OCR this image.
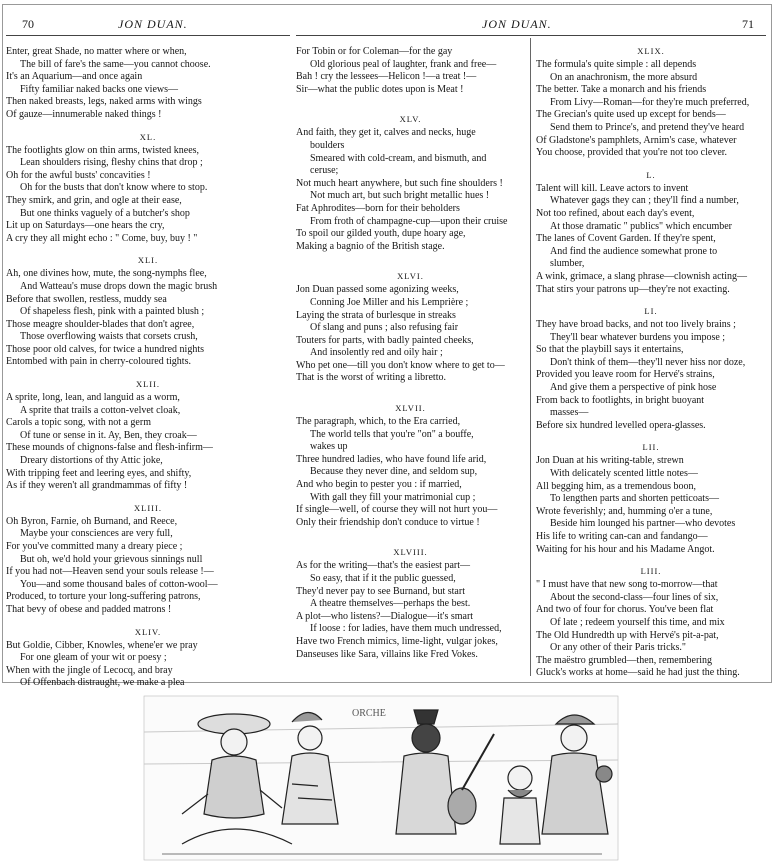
70	JON DUAN.
Enter, great Shade, no matter where or when,
The bill of fare's the same—you cannot choose.
It's an Aquarium—and once again
Fifty familiar naked backs one views—
Then naked breasts, legs, naked arms with wings
Of gauze—innumerable naked things !
XL.
The footlights glow on thin arms, twisted knees,
Lean shoulders rising, fleshy chins that drop ;
Oh for the awful busts' concavities !
Oh for the busts that don't know where to stop.
They smirk, and grin, and ogle at their ease,
But one thinks vaguely of a butcher's shop
Lit up on Saturdays—one hears the cry,
A cry they all might echo : " Come, buy, buy ! "
XLI.
Ah, one divines how, mute, the song-nymphs flee,
And Watteau's muse drops down the magic brush
Before that swollen, restless, muddy sea
Of shapeless flesh, pink with a painted blush ;
Those meagre shoulder-blades that don't agree,
Those overflowing waists that corsets crush,
Those poor old calves, for twice a hundred nights
Entombed with pain in cherry-coloured tights.
XLII.
A sprite, long, lean, and languid as a worm,
A sprite that trails a cotton-velvet cloak,
Carols a topic song, with not a germ
Of tune or sense in it. Ay, Ben, they croak—
These mounds of chignons-false and flesh-infirm—
Dreary distortions of thy Attic joke,
With tripping feet and leering eyes, and shifty,
As if they weren't all grandmammas of fifty !
XLIII.
Oh Byron, Farnie, oh Burnand, and Reece,
Maybe your consciences are very full,
For you've committed many a dreary piece ;
But oh, we'd hold your grievous sinnings null
If you had not—Heaven send your souls release !—
You—and some thousand bales of cotton-wool—
Produced, to torture your long-suffering patrons,
That bevy of obese and padded matrons !
XLIV.
But Goldie, Cibber, Knowles, whene'er we pray
For one gleam of your wit or poesy ;
When with the jingle of Lecocq, and bray
Of Offenbach distraught, we make a plea
JON DUAN.	71
For Tobin or for Coleman—for the gay
Old glorious peal of laughter, frank and free—
Bah ! cry the lessees—Helicon !—a treat !—
Sir—what the public dotes upon is Meat !
XLV.
And faith, they get it, calves and necks, huge
boulders
Smeared with cold-cream, and bismuth, and
ceruse;
Not much heart anywhere, but such fine shoulders !
Not much art, but such bright metallic hues !
Fat Aphrodites—born for their beholders
From froth of champagne-cup—upon their cruise
To spoil our gilded youth, dupe hoary age,
Making a bagnio of the British stage.
XLVI.
Jon Duan passed some agonizing weeks,
Conning Joe Miller and his Lemprière ;
Laying the strata of burlesque in streaks
Of slang and puns ; also refusing fair
Touters for parts, with badly painted cheeks,
And insolently red and oily hair ;
Who pet one—till you don't know where to get to—
That is the worst of writing a libretto.
XLVII.
The paragraph, which, to the Era carried,
The world tells that you're "on" a bouffe,
wakes up
Three hundred ladies, who have found life arid,
Because they never dine, and seldom sup,
And who begin to pester you : if married,
With gall they fill your matrimonial cup ;
If single—well, of course they will not hurt you—
Only their friendship don't conduce to virtue !
XLVIII.
As for the writing—that's the easiest part—
So easy, that if it the public guessed,
They'd never pay to see Burnand, but start
A theatre themselves—perhaps the best.
A plot—who listens?—Dialogue—it's smart
If loose : for ladies, have them much undressed,
Have two French mimics, lime-light, vulgar jokes,
Danseuses like Sara, villains like Fred Vokes.
XLIX.
The formula's quite simple : all depends
On an anachronism, the more absurd
The better. Take a monarch and his friends
From Livy—Roman—for they're much preferred,
The Grecian's quite used up except for bends—
Send them to Prince's, and pretend they've heard
Of Gladstone's pamphlets, Arnim's case, whatever
You choose, provided that you're not too clever.
L.
Talent will kill. Leave actors to invent
Whatever gags they can ; they'll find a number,
Not too refined, about each day's event,
At those dramatic " publics" which encumber
The lanes of Covent Garden. If they're spent,
And find the audience somewhat prone to
slumber,
A wink, grimace, a slang phrase—clownish acting—
That stirs your patrons up—they're not exacting.
LI.
They have broad backs, and not too lively brains ;
They'll bear whatever burdens you impose ;
So that the playbill says it entertains,
Don't think of them—they'll never hiss nor doze,
Provided you leave room for Hervé's strains,
And give them a perspective of pink hose
From back to footlights, in bright buoyant
masses—
Before six hundred levelled opera-glasses.
LII.
Jon Duan at his writing-table, strewn
With delicately scented little notes—
All begging him, as a tremendous boon,
To lengthen parts and shorten petticoats—
Wrote feverishly; and, humming o'er a tune,
Beside him lounged his partner—who devotes
His life to writing can-can and fandango—
Waiting for his hour and his Madame Angot.
LIII.
" I must have that new song to-morrow—that
About the second-class—four lines of six,
And two of four for chorus. You've been flat
Of late ; redeem yourself this time, and mix
The Old Hundredth up with Hervé's pit-a-pat,
Or any other of their Paris tricks."
The maëstro grumbled—then, remembering
Gluck's works at home—said he had just the thing.
ORCHE
